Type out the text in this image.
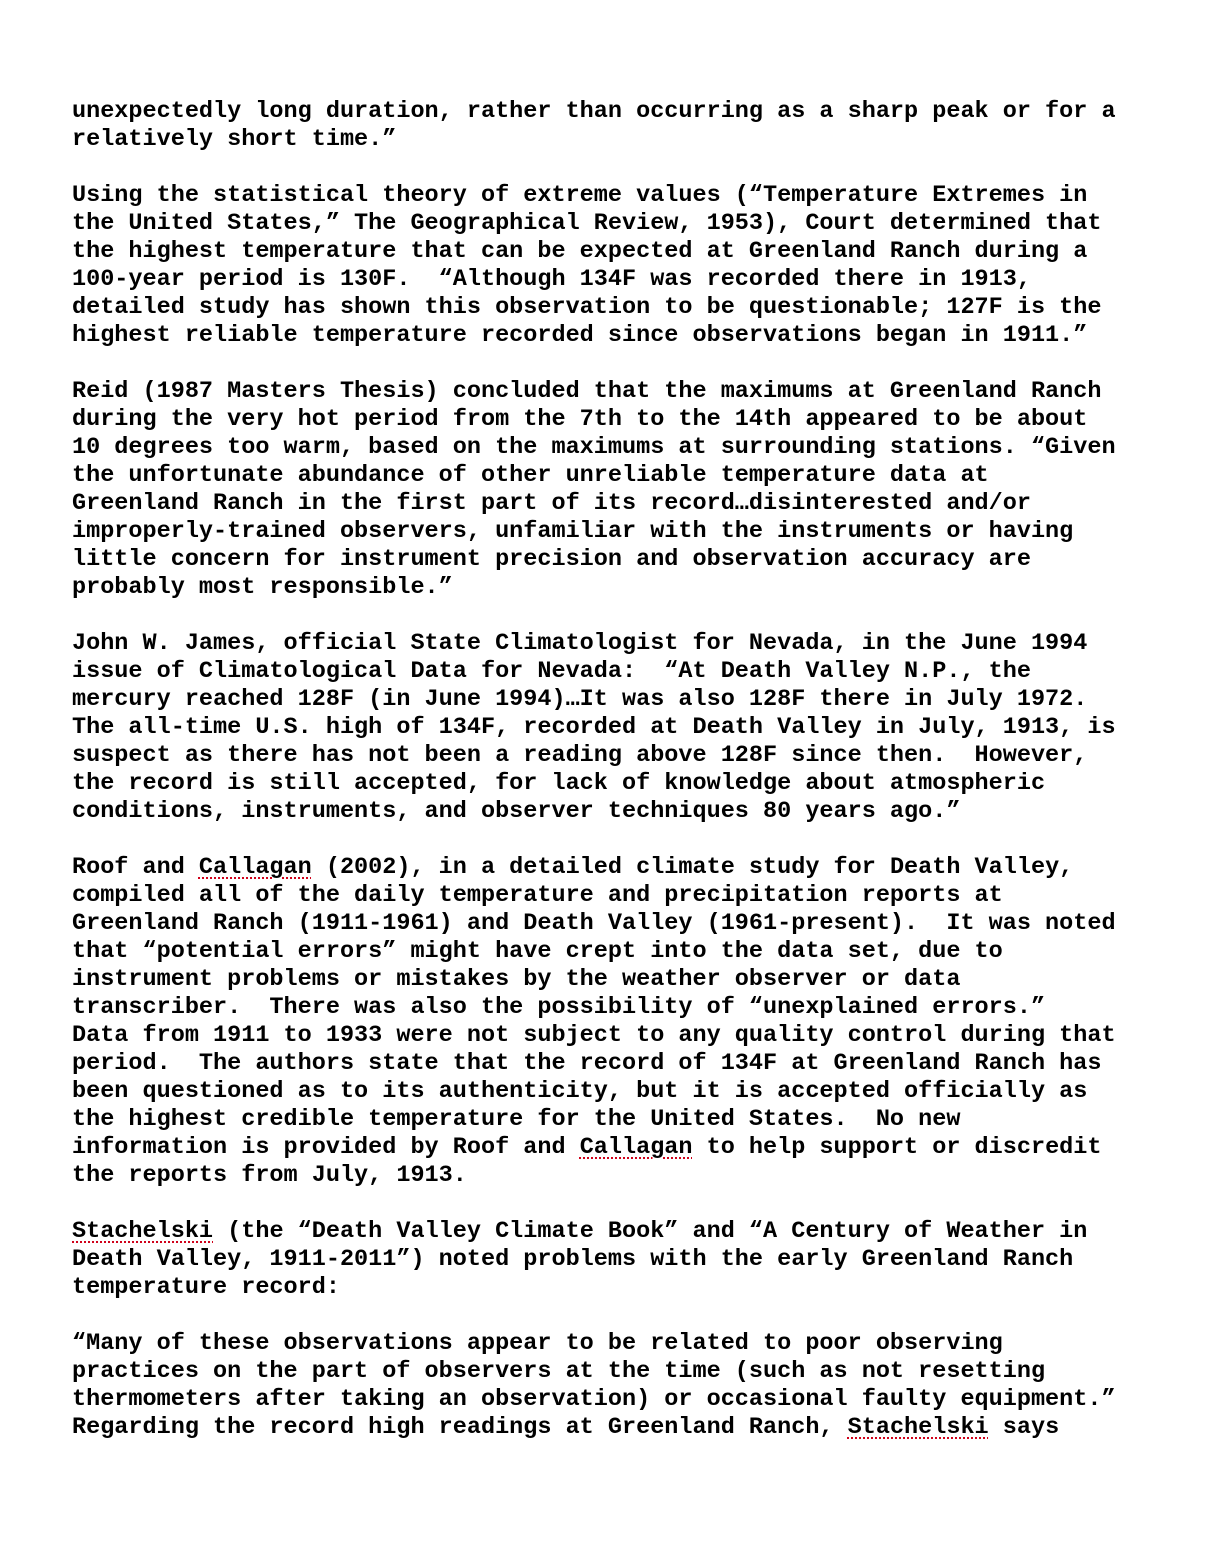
unexpectedly long duration, rather than occurring as a sharp peak or for a
relatively short time.”

Using the statistical theory of extreme values (“Temperature Extremes in
the United States,” The Geographical Review, 1953), Court determined that
the highest temperature that can be expected at Greenland Ranch during a
100-year period is 130F.  “Although 134F was recorded there in 1913,
detailed study has shown this observation to be questionable; 127F is the
highest reliable temperature recorded since observations began in 1911.”

Reid (1987 Masters Thesis) concluded that the maximums at Greenland Ranch
during the very hot period from the 7th to the 14th appeared to be about
10 degrees too warm, based on the maximums at surrounding stations. “Given
the unfortunate abundance of other unreliable temperature data at
Greenland Ranch in the first part of its record…disinterested and/or
improperly-trained observers, unfamiliar with the instruments or having
little concern for instrument precision and observation accuracy are
probably most responsible.”

John W. James, official State Climatologist for Nevada, in the June 1994
issue of Climatological Data for Nevada:  “At Death Valley N.P., the
mercury reached 128F (in June 1994)…It was also 128F there in July 1972.
The all-time U.S. high of 134F, recorded at Death Valley in July, 1913, is
suspect as there has not been a reading above 128F since then.  However,
the record is still accepted, for lack of knowledge about atmospheric
conditions, instruments, and observer techniques 80 years ago.”

Roof and Callagan (2002), in a detailed climate study for Death Valley,
compiled all of the daily temperature and precipitation reports at
Greenland Ranch (1911-1961) and Death Valley (1961-present).  It was noted
that “potential errors” might have crept into the data set, due to
instrument problems or mistakes by the weather observer or data
transcriber.  There was also the possibility of “unexplained errors.”
Data from 1911 to 1933 were not subject to any quality control during that
period.  The authors state that the record of 134F at Greenland Ranch has
been questioned as to its authenticity, but it is accepted officially as
the highest credible temperature for the United States.  No new
information is provided by Roof and Callagan to help support or discredit
the reports from July, 1913.

Stachelski (the “Death Valley Climate Book” and “A Century of Weather in
Death Valley, 1911-2011”) noted problems with the early Greenland Ranch
temperature record:

“Many of these observations appear to be related to poor observing
practices on the part of observers at the time (such as not resetting
thermometers after taking an observation) or occasional faulty equipment.”
Regarding the record high readings at Greenland Ranch, Stachelski says
